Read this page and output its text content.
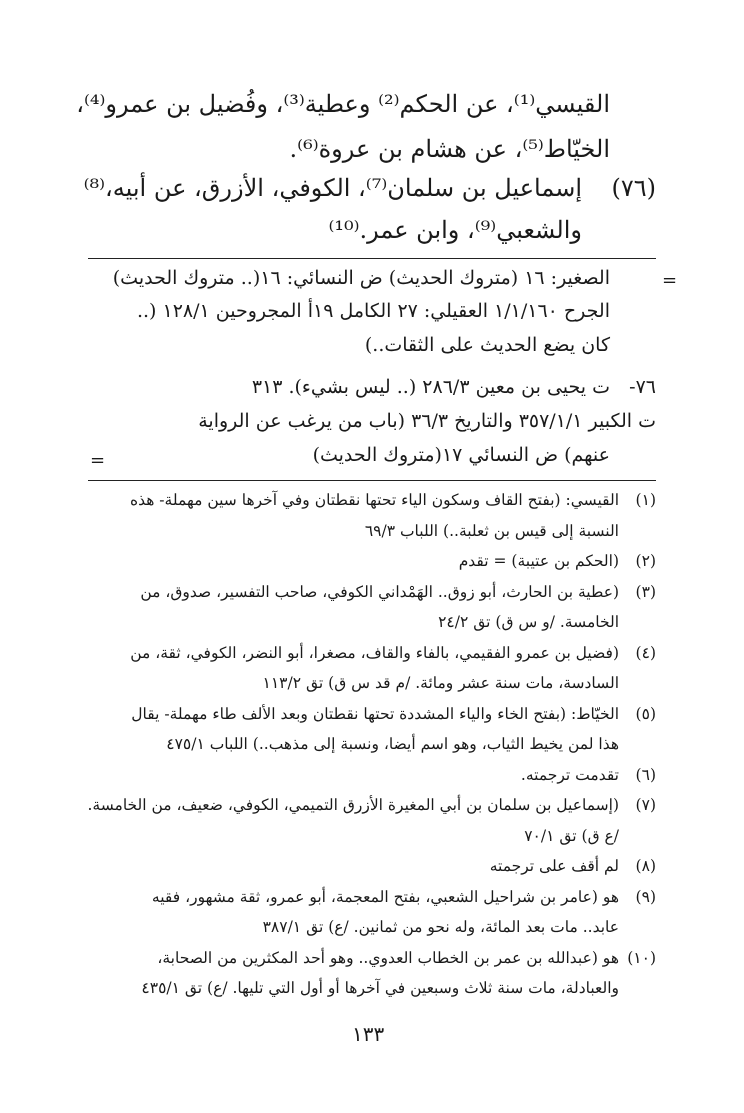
القيسي⁽¹⁾، عن الحكم⁽²⁾ وعطية⁽³⁾، وفُضيل بن عمرو⁽⁴⁾،
الخيّاط⁽⁵⁾، عن هشام بن عروة⁽⁶⁾.
(٧٦)
إسماعيل بن سلمان⁽⁷⁾، الكوفي، الأزرق، عن أبيه،⁽⁸⁾
والشعبي⁽⁹⁾، وابن عمر.⁽¹⁰⁾
=
الصغير: ١٦ (متروك الحديث) ض النسائي: ١٦(.. متروك الحديث)
الجرح ١/١/١٦٠ العقيلي: ٢٧ الكامل ١٩أ المجروحين ١٢٨/١ (..
كان يضع الحديث على الثقات..)
٧٦-
ت يحيى بن معين ٢٨٦/٣ (.. ليس بشيء). ٣١٣
ت الكبير ٣٥٧/١/١ والتاريخ ٣٦/٣ (باب من يرغب عن الرواية
عنهم) ض النسائي ١٧(متروك الحديث)
=
(١)
القيسي: (بفتح القاف وسكون الياء تحتها نقطتان وفي آخرها سين مهملة- هذه
النسبة إلى قيس بن ثعلبة..) اللباب ٦٩/٣
(٢)
(الحكم بن عتيبة) = تقدم
(٣)
(عطية بن الحارث، أبو زوق.. الهَمْداني الكوفي، صاحب التفسير، صدوق، من
الخامسة. /و س ق) تق ٢٤/٢
(٤)
(فضيل بن عمرو الفقيمي، بالفاء والقاف، مصغرا، أبو النضر، الكوفي، ثقة، من
السادسة، مات سنة عشر ومائة. /م قد س ق) تق ١١٣/٢
(٥)
الخيّاط: (بفتح الخاء والياء المشددة تحتها نقطتان وبعد الألف طاء مهملة- يقال
هذا لمن يخيط الثياب، وهو اسم أيضا، ونسبة إلى مذهب..) اللباب ٤٧٥/١
(٦)
تقدمت ترجمته.
(٧)
(إسماعيل بن سلمان بن أبي المغيرة الأزرق التميمي، الكوفي، ضعيف، من الخامسة.
/ع ق) تق ٧٠/١
(٨)
لم أقف على ترجمته
(٩)
هو (عامر بن شراحيل الشعبي، بفتح المعجمة، أبو عمرو، ثقة مشهور، فقيه
عابد.. مات بعد المائة، وله نحو من ثمانين. /ع) تق ٣٨٧/١
(١٠)
هو (عبدالله بن عمر بن الخطاب العدوي.. وهو أحد المكثرين من الصحابة،
والعبادلة، مات سنة ثلاث وسبعين في آخرها أو أول التي تليها. /ع) تق ٤٣٥/١
١٣٣
